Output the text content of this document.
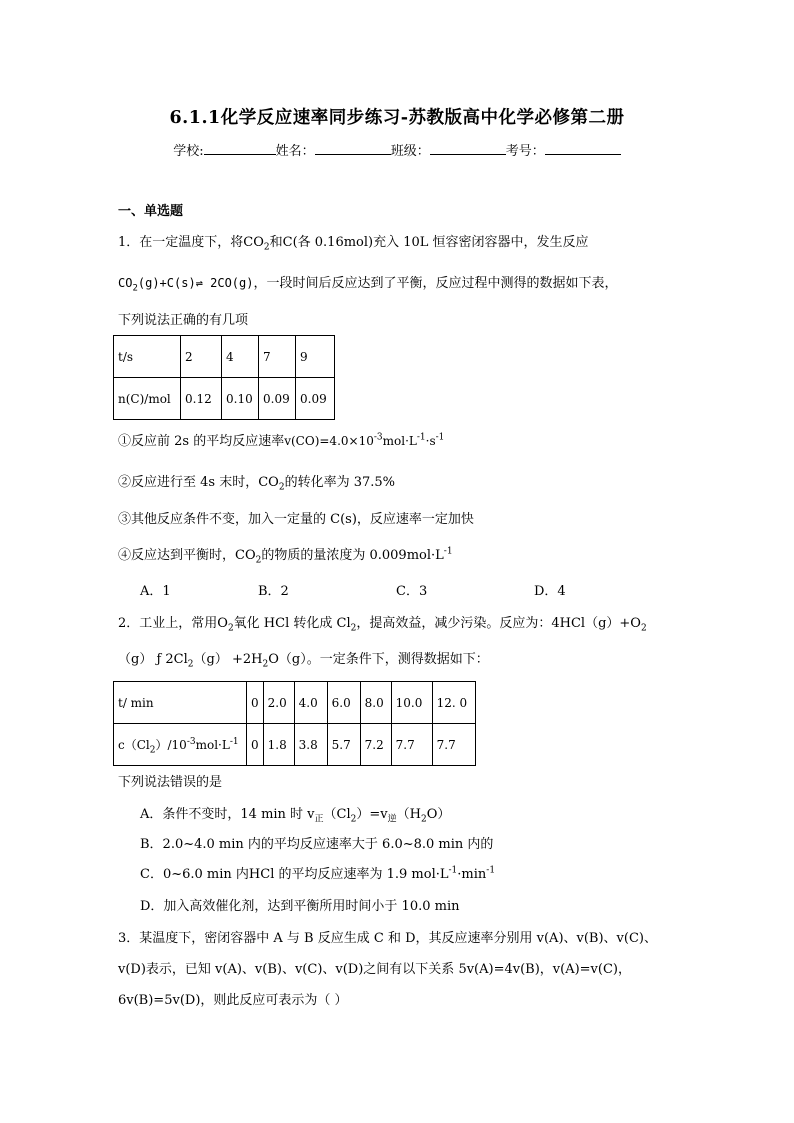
6.1.1化学反应速率同步练习-苏教版高中化学必修第二册
学校:	姓名：	班级：	考号：
一、单选题
1．在一定温度下，将$CO_2$和C(各 0.16mol)充入 10L 恒容密闭容器中，发生反应
$CO_2(g)+C(s)\rightleftharpoons$ 2CO(g)，一段时间后反应达到了平衡，反应过程中测得的数据如下表，
下列说法正确的有几项
t/s	2	4	7	9
n(C)/mol	0.12	0.10	0.09	0.09
①反应前 2s 的平均反应速率$v(CO)=4.0\times 10^{-3}mol\cdot L^{-1}\cdot s^{-1}$
②反应进行至 4s 末时，$CO_2$的转化率为 37.5%
③其他反应条件不变，加入一定量的 C(s)，反应速率一定加快
④反应达到平衡时，$CO_2$的物质的量浓度为 $0.009mol\cdot L^{-1}$
A．1	B．2	C．3	D．4
2．工业上，常用$O_2$氧化 HCl 转化成 $Cl_2$，提高效益，减少污染。反应为：$4HCl(g)+O_2$
（g） ƒ $2Cl_2(g) +2H_2O(g)$。一定条件下，测得数据如下：
t/ min	0	2.0	4.0	6.0	8.0	10.0	12. 0
$c(Cl_2)/10^{-3}mol\cdot L^{-1}$	0	1.8	3.8	5.7	7.2	7.7	7.7
下列说法错误的是
A．条件不变时，14 min 时 $v_正(Cl_2)=v_逆(H_2O)$
B．2.0~4.0 min 内的平均反应速率大于 6.0~8.0 min 内的
C．0~6.0 min 内HCl 的平均反应速率为 1.9 $mol\cdot L^{-1}\cdot\min^{-1}$
D．加入高效催化剂，达到平衡所用时间小于 10.0 min
3．某温度下，密闭容器中 A 与 B 反应生成 C 和 D，其反应速率分别用 v(A)、v(B)、v(C)、
v(D)表示，已知 v(A)、v(B)、v(C)、v(D)之间有以下关系 5v(A)=4v(B)，v(A)=v(C)，
6v(B)=5v(D)，则此反应可表示为（ ）
